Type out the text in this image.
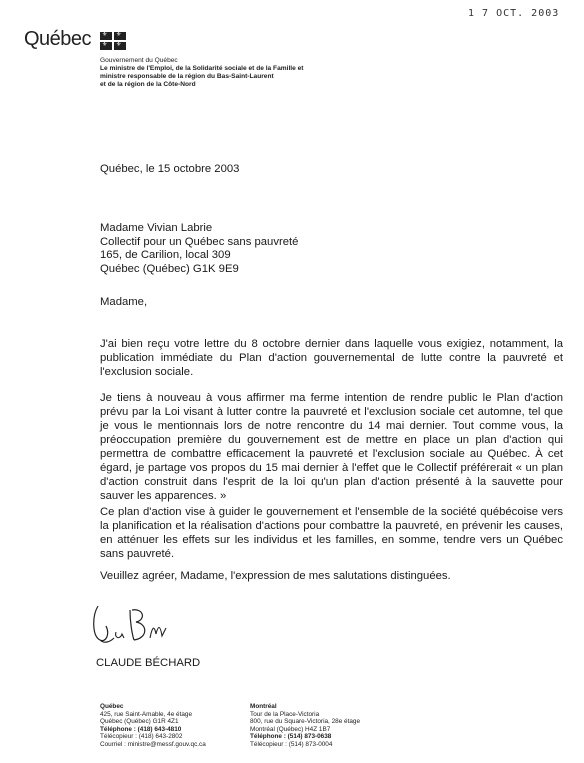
1 7 OCT. 2003
Québec
⚜
⚜
⚜
⚜
Gouvernement du Québec
Le ministre de l'Emploi, de la Solidarité sociale et de la Famille et
ministre responsable de la région du Bas-Saint-Laurent
et de la région de la Côte-Nord
Québec, le 15 octobre 2003
Madame Vivian Labrie
Collectif pour un Québec sans pauvreté
165, de Carilion, local 309
Québec (Québec) G1K 9E9
Madame,
J'ai bien reçu votre lettre du 8 octobre dernier dans laquelle vous exigiez, notamment, la publication immédiate du Plan d'action gouvernemental de lutte contre la pauvreté et l'exclusion sociale.
Je tiens à nouveau à vous affirmer ma ferme intention de rendre public le Plan d'action prévu par la Loi visant à lutter contre la pauvreté et l'exclusion sociale cet automne, tel que je vous le mentionnais lors de notre rencontre du 14 mai dernier. Tout comme vous, la préoccupation première du gouvernement est de mettre en place un plan d'action qui permettra de combattre efficacement la pauvreté et l'exclusion sociale au Québec. À cet égard, je partage vos propos du 15 mai dernier à l'effet que le Collectif préférerait « un plan d'action construit dans l'esprit de la loi qu'un plan d'action présenté à la sauvette pour sauver les apparences. »
Ce plan d'action vise à guider le gouvernement et l'ensemble de la société québécoise vers la planification et la réalisation d'actions pour combattre la pauvreté, en prévenir les causes, en atténuer les effets sur les individus et les familles, en somme, tendre vers un Québec sans pauvreté.
Veuillez agréer, Madame, l'expression de mes salutations distinguées.
CLAUDE BÉCHARD
Québec
425, rue Saint-Amable, 4e étage
Québec (Québec) G1R 4Z1
Téléphone : (418) 643-4810
Télécopieur : (418) 643-2802
Courriel : ministre@messf.gouv.qc.ca
Montréal
Tour de la Place-Victoria
800, rue du Square-Victoria, 28e étage
Montréal (Québec) H4Z 1B7
Téléphone : (514) 873-0638
Télécopieur : (514) 873-0004
